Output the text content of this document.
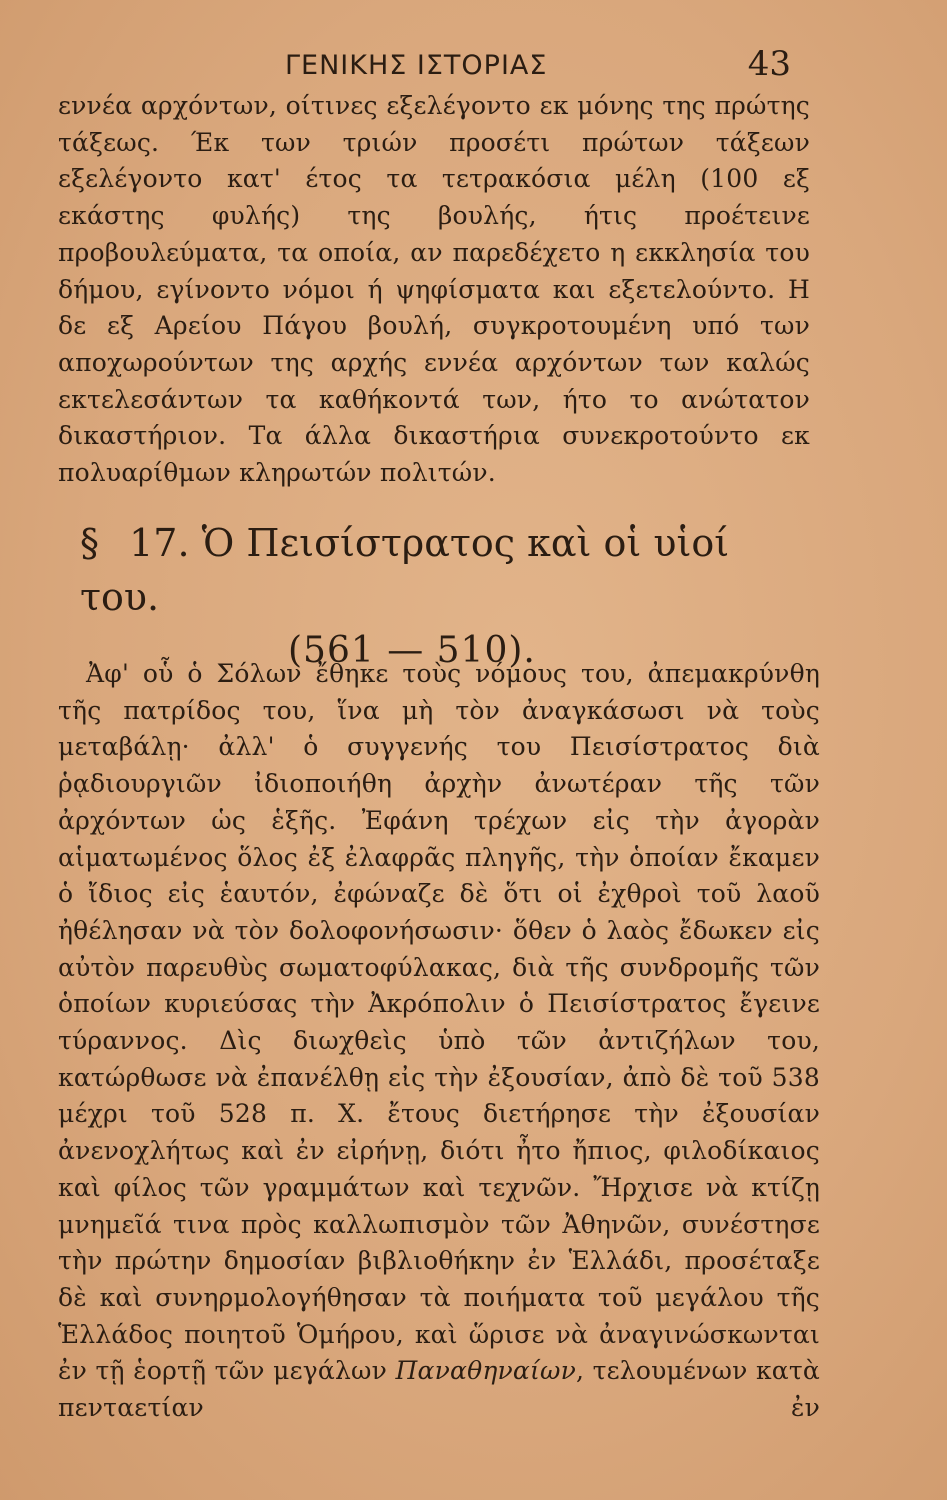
ΓΕΝΙΚΗΣ ΙΣΤΟΡΙΑΣ	43
εννέα αρχόντων, οίτινες εξελέγοντο εκ μόνης της πρώτης τάξεως. Έκ των τριών προσέτι πρώτων τάξεων εξελέγοντο κατ' έτος τα τετρακόσια μέλη (100 εξ εκάστης φυλής) της βουλής, ήτις προέτεινε προβουλεύματα, τα οποία, αν παρεδέχετο η εκκλησία του δήμου, εγίνοντο νόμοι ή ψηφίσματα και εξετελούντο. Η δε εξ Αρείου Πάγου βουλή, συγκροτουμένη υπό των αποχωρούντων της αρχής εννέα αρχόντων των καλώς εκτελεσάντων τα καθήκοντά των, ήτο το ανώτατον δικαστήριον. Τα άλλα δικαστήρια συνεκροτούντο εκ πολυαρίθμων κληρωτών πολιτών.
§ 17. Ὁ Πεισίστρατος καὶ οἱ υἱοί του.
(561 — 510).
Ἀφ' οὗ ὁ Σόλων ἔθηκε τοὺς νόμους του, ἀπεμακρύνθη τῆς πατρίδος του, ἵνα μὴ τὸν ἀναγκάσωσι νὰ τοὺς μεταβάλῃ· ἀλλ' ὁ συγγενής του Πεισίστρατος διὰ ῥᾳδιουργιῶν ἰδιοποιήθη ἀρχὴν ἀνωτέραν τῆς τῶν ἀρχόντων ὡς ἑξῆς. Ἐφάνη τρέχων εἰς τὴν ἀγορὰν αἱματωμένος ὅλος ἐξ ἐλαφρᾶς πληγῆς, τὴν ὁποίαν ἔκαμεν ὁ ἴδιος εἰς ἑαυτόν, ἐφώναζε δὲ ὅτι οἱ ἐχθροὶ τοῦ λαοῦ ἠθέλησαν νὰ τὸν δολοφονήσωσιν· ὅθεν ὁ λαὸς ἔδωκεν εἰς αὐτὸν παρευθὺς σωματοφύλακας, διὰ τῆς συνδρομῆς τῶν ὁποίων κυριεύσας τὴν Ἀκρόπολιν ὁ Πεισίστρατος ἔγεινε τύραννος. Δὶς διωχθεὶς ὑπὸ τῶν ἀντιζήλων του, κατώρθωσε νὰ ἐπανέλθῃ εἰς τὴν ἐξουσίαν, ἀπὸ δὲ τοῦ 538 μέχρι τοῦ 528 π. Χ. ἔτους διετήρησε τὴν ἐξουσίαν ἀνενοχλήτως καὶ ἐν εἰρήνῃ, διότι ἦτο ἤπιος, φιλοδίκαιος καὶ φίλος τῶν γραμμάτων καὶ τεχνῶν. Ἤρχισε νὰ κτίζῃ μνημεῖά τινα πρὸς καλλωπισμὸν τῶν Ἀθηνῶν, συνέστησε τὴν πρώτην δημοσίαν βιβλιοθήκην ἐν Ἑλλάδι, προσέταξε δὲ καὶ συνηρμολογήθησαν τὰ ποιήματα τοῦ μεγάλου τῆς Ἑλλάδος ποιητοῦ Ὁμήρου, καὶ ὥρισε νὰ ἀναγινώσκωνται ἐν τῇ ἑορτῇ τῶν μεγάλων Παναθηναίων, τελουμένων κατὰ πενταετίαν ἐν
